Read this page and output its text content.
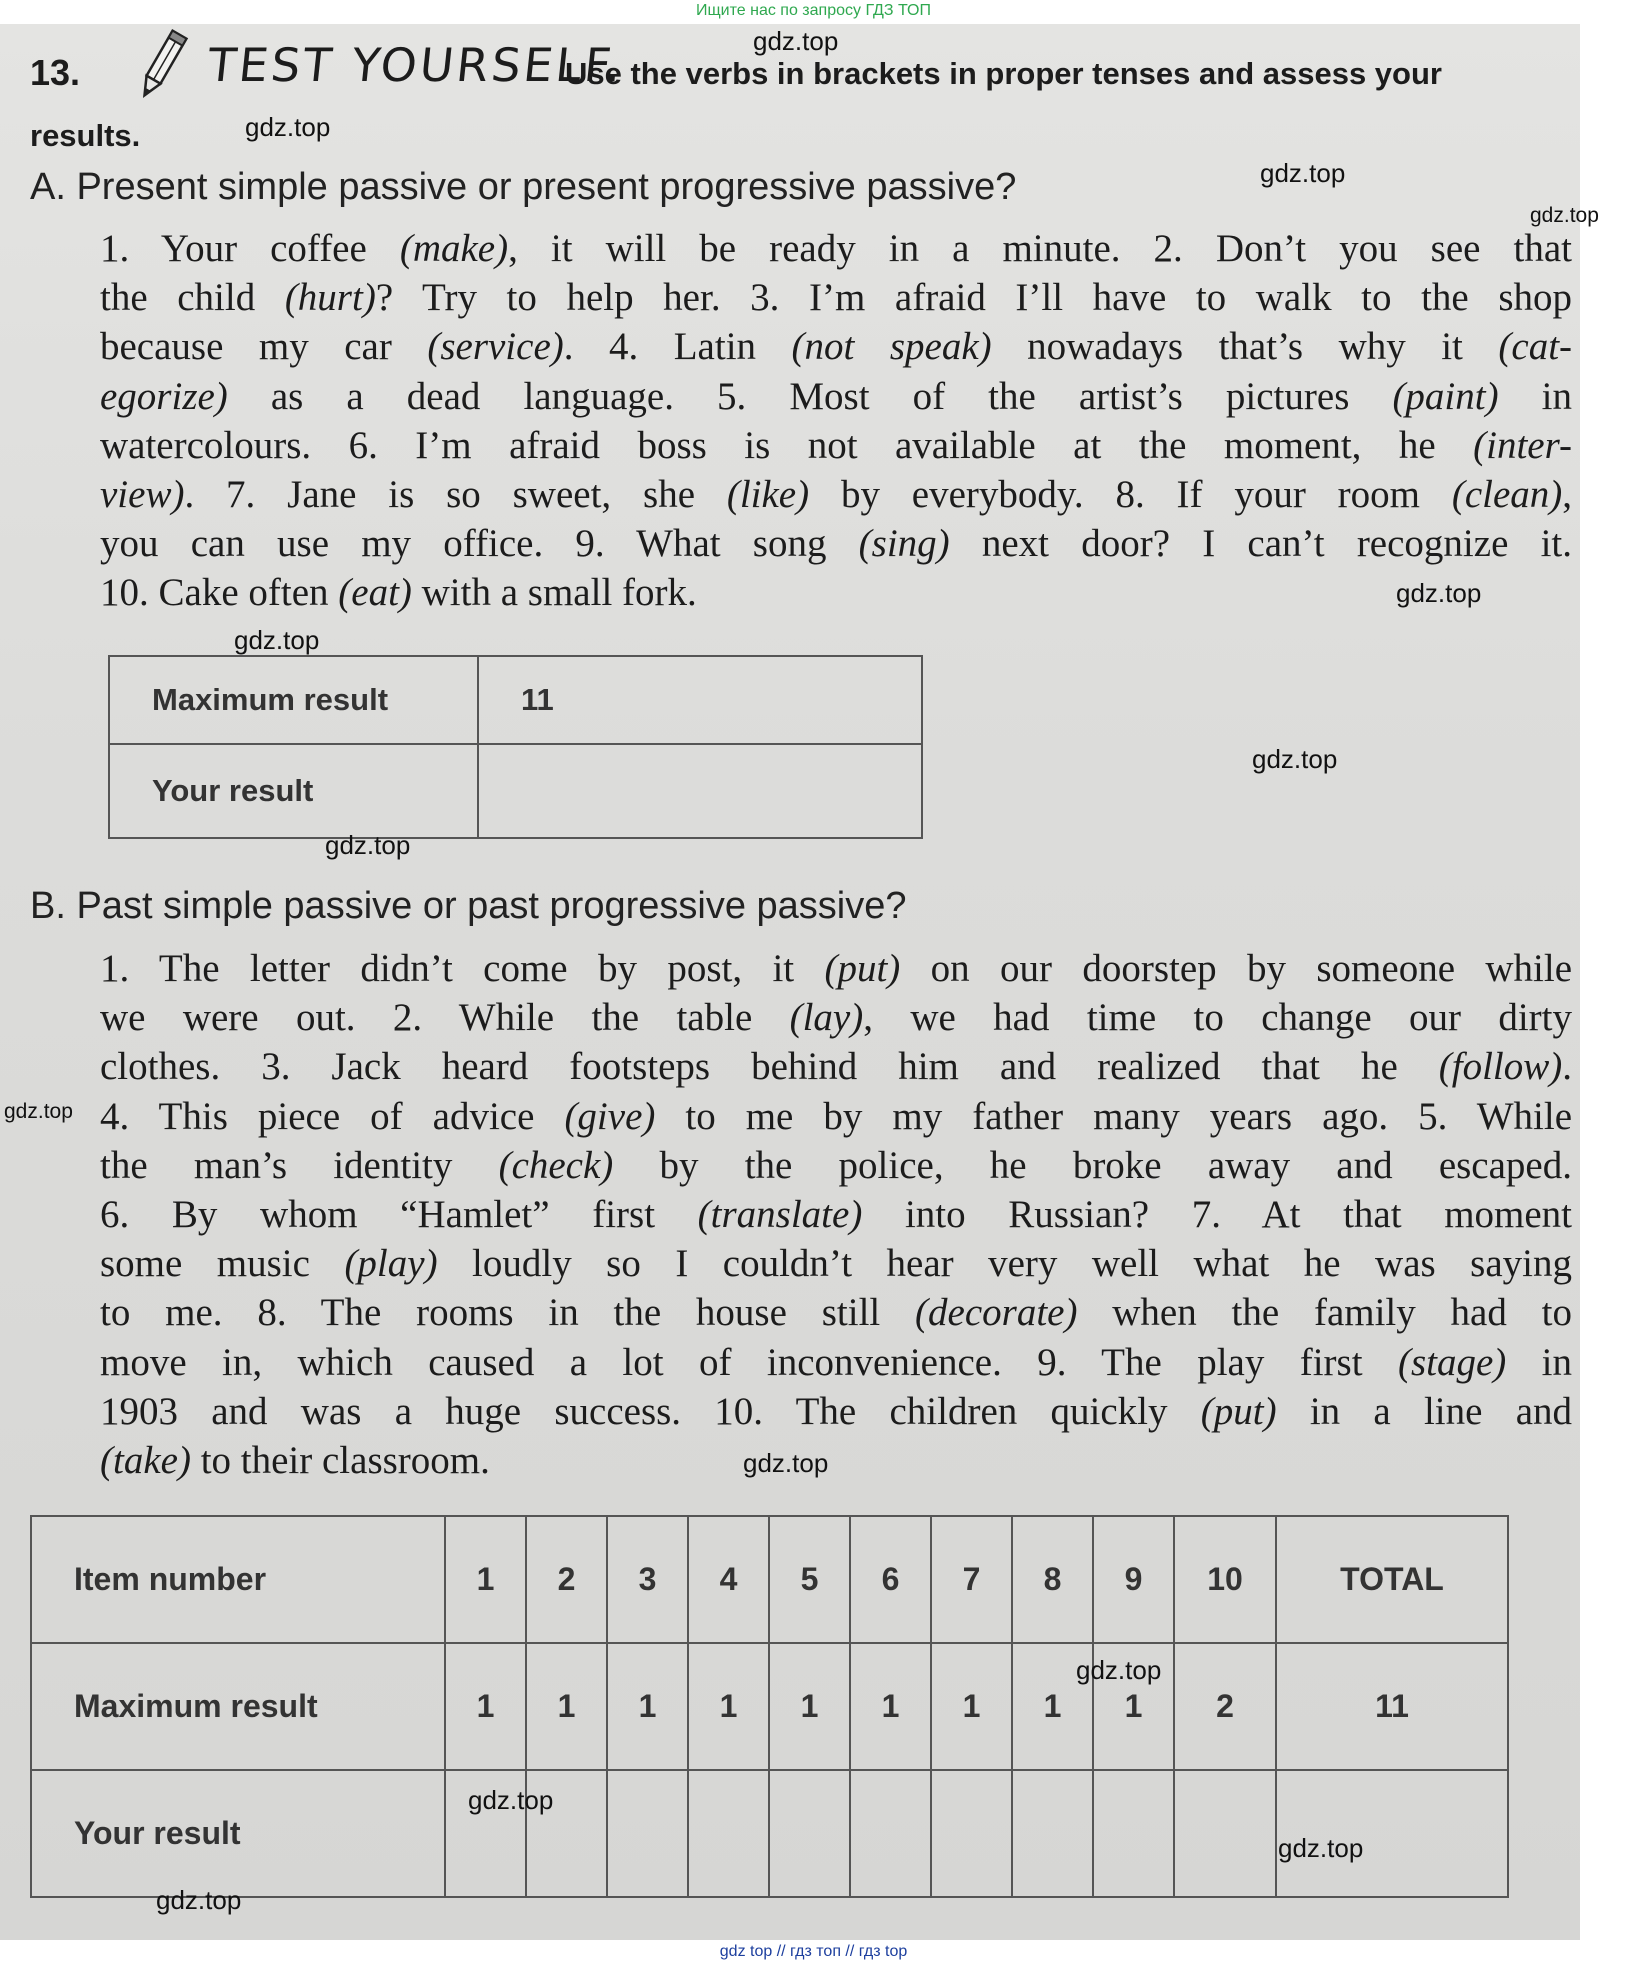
Ищите нас по запросу ГДЗ ТОП
13.	TEST YOURSELF.
Use the verbs in brackets in proper tenses and assess your
results.
A. Present simple passive or present progressive passive?
1. Your coffee (make), it will be ready in a minute. 2. Don’t you see that
the child (hurt)? Try to help her. 3. I’m afraid I’ll have to walk to the shop
because my car (service). 4. Latin (not speak) nowadays that’s why it (cat-
egorize) as a dead language. 5. Most of the artist’s pictures (paint) in
watercolours. 6. I’m afraid boss is not available at the moment, he (inter-
view). 7. Jane is so sweet, she (like) by everybody. 8. If your room (clean),
you can use my office. 9. What song (sing) next door? I can’t recognize it.
10. Cake often (eat) with a small fork.
Maximum result	11
Your result	
B. Past simple passive or past progressive passive?
1. The letter didn’t come by post, it (put) on our doorstep by someone while
we were out. 2. While the table (lay), we had time to change our dirty
clothes. 3. Jack heard footsteps behind him and realized that he (follow).
4. This piece of advice (give) to me by my father many years ago. 5. While
the man’s identity (check) by the police, he broke away and escaped.
6. By whom “Hamlet” first (translate) into Russian? 7. At that moment
some music (play) loudly so I couldn’t hear very well what he was saying
to me. 8. The rooms in the house still (decorate) when the family had to
move in, which caused a lot of inconvenience. 9. The play first (stage) in
1903 and was a huge success. 10. The children quickly (put) in a line and
(take) to their classroom.
Item number	1	2	3	4	5	6	7	8	9	10	TOTAL
Maximum result	1	1	1	1	1	1	1	1	1	2	11
Your result											
gdz.top
gdz.top
gdz.top
gdz.top
gdz.top
gdz.top
gdz.top
gdz.top
gdz.top
gdz.top
gdz.top
gdz.top
gdz.top
gdz.top
gdz top // гдз топ // гдз top
